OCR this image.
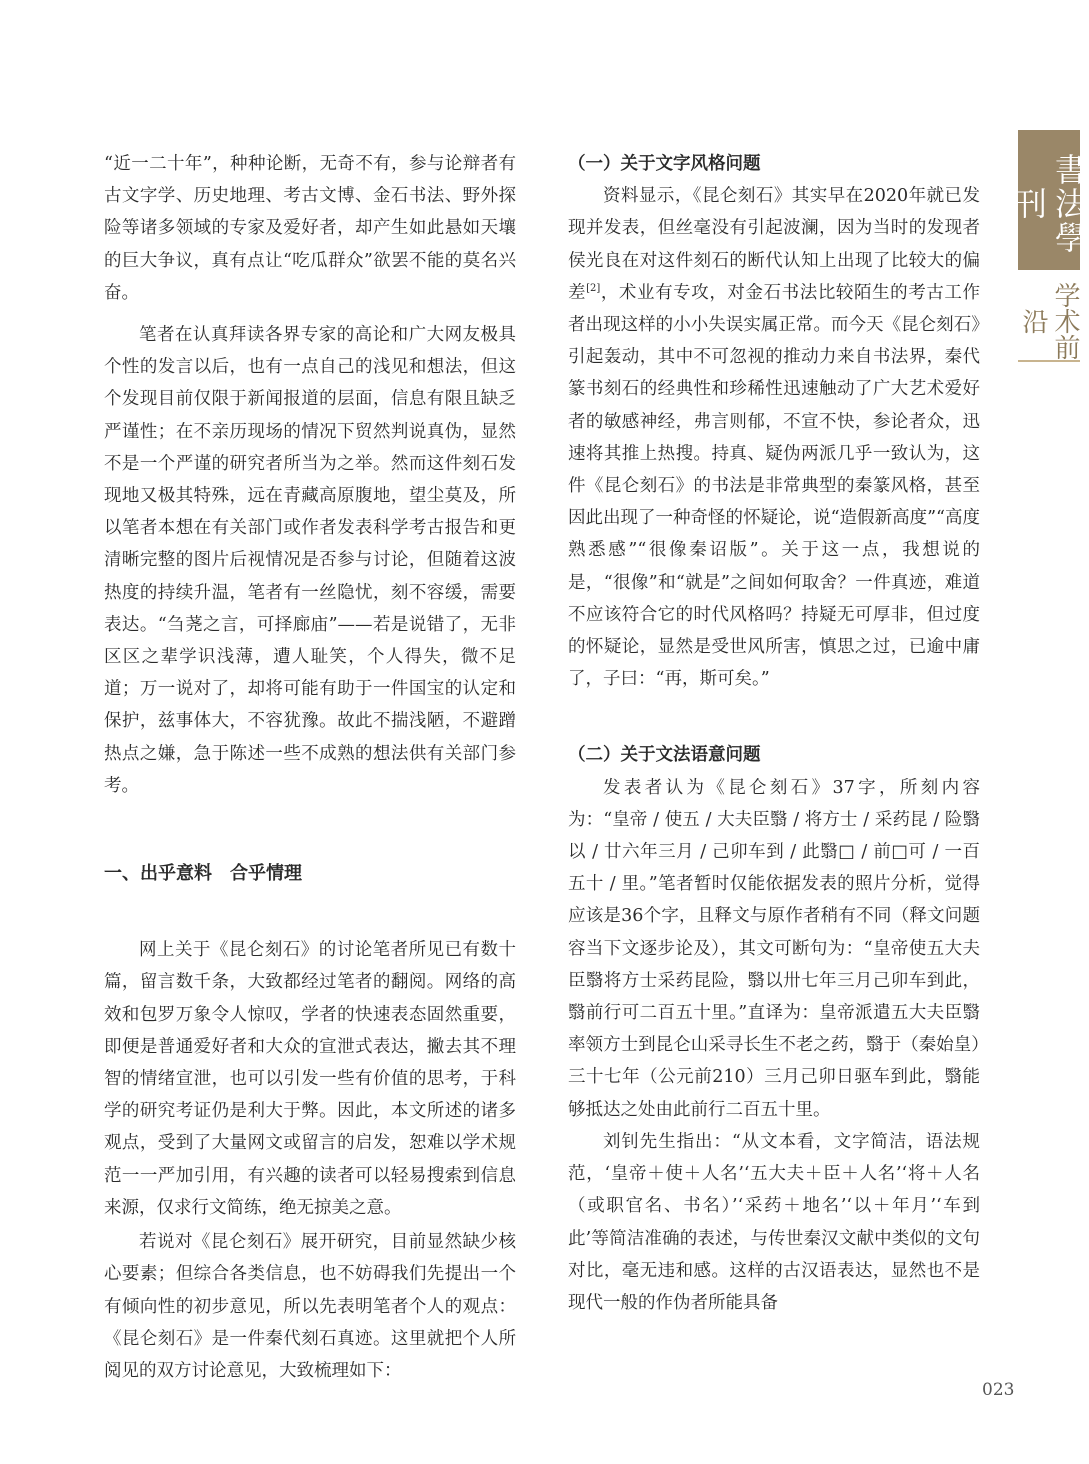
書法學刊
学术前沿

“近一二十年”，种种论断，无奇不有，参与论辩者有古文字学、历史地理、考古文博、金石书法、野外探险等诸多领域的专家及爱好者，却产生如此悬如天壤的巨大争议，真有点让“吃瓜群众”欲罢不能的莫名兴奋。

笔者在认真拜读各界专家的高论和广大网友极具个性的发言以后，也有一点自己的浅见和想法，但这个发现目前仅限于新闻报道的层面，信息有限且缺乏严谨性；在不亲历现场的情况下贸然判说真伪，显然不是一个严谨的研究者所当为之举。然而这件刻石发现地又极其特殊，远在青藏高原腹地，望尘莫及，所以笔者本想在有关部门或作者发表科学考古报告和更清晰完整的图片后视情况是否参与讨论，但随着这波热度的持续升温，笔者有一丝隐忧，刻不容缓，需要表达。“刍荛之言，可择廊庙”——若是说错了，无非区区之辈学识浅薄，遭人耻笑，个人得失，微不足道；万一说对了，却将可能有助于一件国宝的认定和保护，兹事体大，不容犹豫。故此不揣浅陋，不避蹭热点之嫌，急于陈述一些不成熟的想法供有关部门参考。

一、出乎意料　合乎情理

网上关于《昆仑刻石》的讨论笔者所见已有数十篇，留言数千条，大致都经过笔者的翻阅。网络的高效和包罗万象令人惊叹，学者的快速表态固然重要，即便是普通爱好者和大众的宣泄式表达，撇去其不理智的情绪宣泄，也可以引发一些有价值的思考，于科学的研究考证仍是利大于弊。因此，本文所述的诸多观点，受到了大量网文或留言的启发，恕难以学术规范一一严加引用，有兴趣的读者可以轻易搜索到信息来源，仅求行文简练，绝无掠美之意。

若说对《昆仑刻石》展开研究，目前显然缺少核心要素；但综合各类信息，也不妨碍我们先提出一个有倾向性的初步意见，所以先表明笔者个人的观点：《昆仑刻石》是一件秦代刻石真迹。这里就把个人所阅见的双方讨论意见，大致梳理如下：

（一）关于文字风格问题

资料显示，《昆仑刻石》其实早在2020年就已发现并发表，但丝毫没有引起波澜，因为当时的发现者侯光良在对这件刻石的断代认知上出现了比较大的偏差[2]，术业有专攻，对金石书法比较陌生的考古工作者出现这样的小小失误实属正常。而今天《昆仑刻石》引起轰动，其中不可忽视的推动力来自书法界，秦代篆书刻石的经典性和珍稀性迅速触动了广大艺术爱好者的敏感神经，弗言则郁，不宣不快，参论者众，迅速将其推上热搜。持真、疑伪两派几乎一致认为，这件《昆仑刻石》的书法是非常典型的秦篆风格，甚至因此出现了一种奇怪的怀疑论，说“造假新高度”“高度熟悉感”“很像秦诏版”。关于这一点，我想说的是，“很像”和“就是”之间如何取舍？一件真迹，难道不应该符合它的时代风格吗？持疑无可厚非，但过度的怀疑论，显然是受世风所害，慎思之过，已逾中庸了，子曰：“再，斯可矣。”

（二）关于文法语意问题

发表者认为《昆仑刻石》37字，所刻内容为：“皇帝 / 使五 / 大夫臣翳 / 将方士 / 采药昆 / 险翳以 / 廿六年三月 / 己卯车到 / 此翳□ / 前□可 / 一百五十 / 里。”笔者暂时仅能依据发表的照片分析，觉得应该是36个字，且释文与原作者稍有不同（释文问题容当下文逐步论及），其文可断句为：“皇帝使五大夫臣翳将方士采药昆险，翳以卅七年三月己卯车到此，翳前行可二百五十里。”直译为：皇帝派遣五大夫臣翳率领方士到昆仑山采寻长生不老之药，翳于（秦始皇）三十七年（公元前210）三月己卯日驱车到此，翳能够抵达之处由此前行二百五十里。

刘钊先生指出：“从文本看，文字简洁，语法规范，‘皇帝＋使＋人名’‘五大夫＋臣＋人名’‘将＋人名（或职官名、书名）’‘采药＋地名’‘以＋年月’‘车到此’等简洁准确的表述，与传世秦汉文献中类似的文句对比，毫无违和感。这样的古汉语表达，显然也不是现代一般的作伪者所能具备

023
